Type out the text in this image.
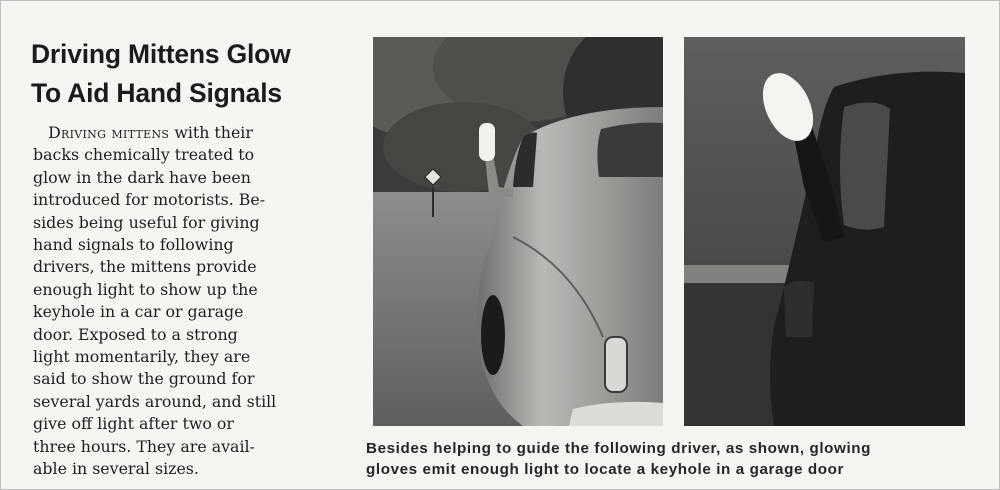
Driving Mittens Glow
To Aid Hand Signals
Driving mittens with their
backs chemically treated to
glow in the dark have been
introduced for motorists. Be-
sides being useful for giving
hand signals to following
drivers, the mittens provide
enough light to show up the
keyhole in a car or garage
door. Exposed to a strong
light momentarily, they are
said to show the ground for
several yards around, and still
give off light after two or
three hours. They are avail-
able in several sizes.
Besides helping to guide the following driver, as shown, glowing
gloves emit enough light to locate a keyhole in a garage door
